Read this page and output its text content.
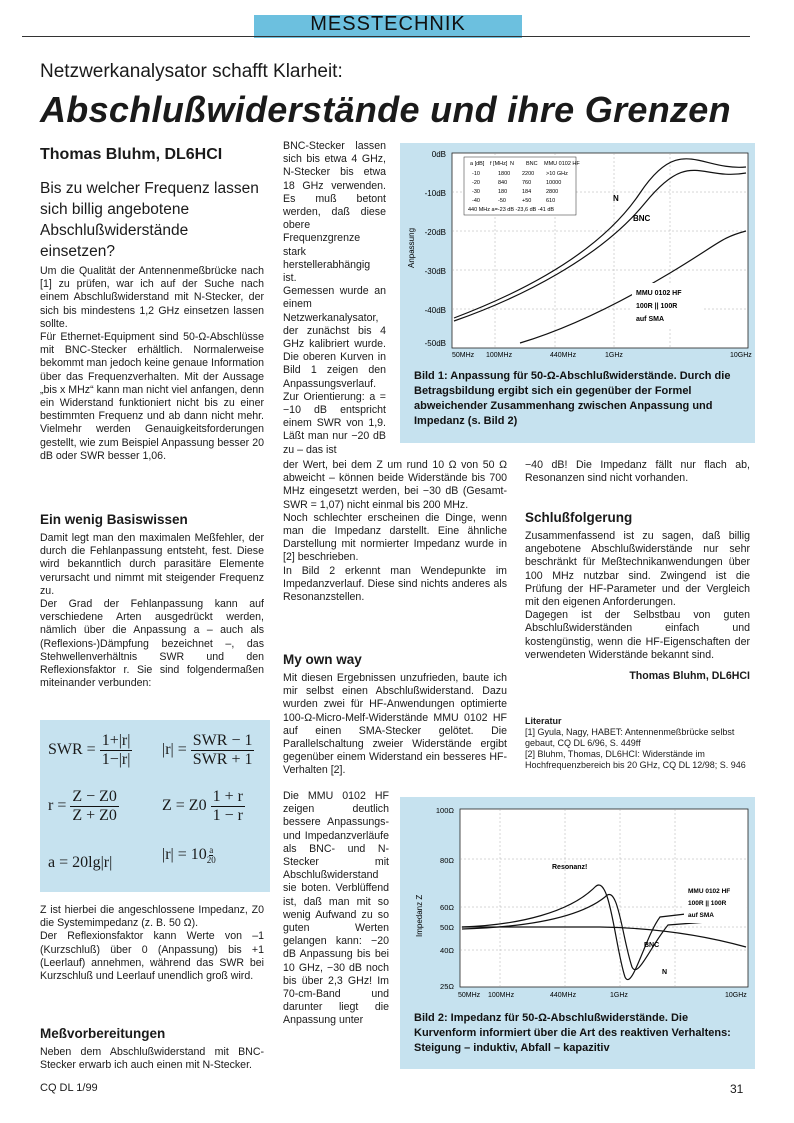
MESSTECHNIK
Netzwerkanalysator schafft Klarheit:
Abschlußwiderstände und ihre Grenzen
Thomas Bluhm, DL6HCI
Bis zu welcher Frequenz lassen sich billig angebotene Abschlußwiderstände einsetzen?

Um die Qualität der Antennenmeßbrücke nach [1] zu prüfen, war ich auf der Suche nach einem Abschlußwiderstand mit N-Stecker, der sich bis mindestens 1,2 GHz einsetzen lassen sollte.

Für Ethernet-Equipment sind 50-Ω-Abschlüsse mit BNC-Stecker erhältlich. Normalerweise bekommt man jedoch keine genaue Information über das Frequenzverhalten. Mit der Aussage „bis x MHz“ kann man nicht viel anfangen, denn ein Widerstand funktioniert nicht bis zu einer bestimmten Frequenz und ab dann nicht mehr. Vielmehr werden Genauigkeitsforderungen gestellt, wie zum Beispiel Anpassung besser 20 dB oder SWR besser 1,06.

Ein wenig Basiswissen

Damit legt man den maximalen Meßfehler, der durch die Fehlanpassung entsteht, fest. Diese wird bekanntlich durch parasitäre Elemente verursacht und nimmt mit steigender Frequenz zu.

Der Grad der Fehlanpassung kann auf verschiedene Arten ausgedrückt werden, nämlich über die Anpassung a – auch als (Reflexions-)Dämpfung bezeichnet –, das Stehwellenverhältnis SWR und den Reflexionsfaktor r. Sie sind folgendermaßen miteinander verbunden:

SWR = $\frac{1+|r|}{1-|r|} |r| = \frac{\text{SWR − 1}}{\text{SWR + 1}}$
$r = \frac{Z - Z0}{Z + Z0}$	$Z = Z0 \frac{1 + r}{1 - r}$
a = 20lg|r|	|r| = 10 $^{\frac{a}{20}}$

Z ist hierbei die angeschlossene Impedanz, Z0 die Systemimpedanz (z. B. 50 Ω).

Der Reflexionsfaktor kann Werte von –1 (Kurzschluß) über 0 (Anpassung) bis +1 (Leerlauf) annehmen, während das SWR bei Kurzschluß und Leerlauf unendlich groß wird.

Meßvorbereitungen

Neben dem Abschlußwiderstand mit BNC-Stecker erwarb ich auch einen mit N-Stecker.

BNC-Stecker lassen sich bis etwa 4 GHz, N-Stecker bis etwa 18 GHz verwenden. Es muß betont werden, daß diese obere Frequenzgrenze stark herstellerabhängig ist.

Gemessen wurde an einem Netzwerkanalysator, der zunächst bis 4 GHz kalibriert wurde. Die oberen Kurven in Bild 1 zeigen den Anpassungsverlauf.

Zur Orientierung: a = −10 dB entspricht einem SWR von 1,9. Läßt man nur −20 dB zu – das ist

der Wert, bei dem Z um rund 10 Ω von 50 Ω abweicht – können beide Widerstände bis 700 MHz eingesetzt werden, bei −30 dB (Gesamt-SWR = 1,07) nicht einmal bis 200 MHz.

Noch schlechter erscheinen die Dinge, wenn man die Impedanz darstellt. Eine ähnliche Darstellung mit normierter Impedanz wurde in [2] beschrieben.

In Bild 2 erkennt man Wendepunkte im Impedanzverlauf. Diese sind nichts anderes als Resonanzstellen.

My own way

Mit diesen Ergebnissen unzufrieden, baute ich mir selbst einen Abschlußwiderstand. Dazu wurden zwei für HF-Anwendungen optimierte 100-Ω-Micro-Melf-Widerstände MMU 0102 HF auf einen SMA-Stecker gelötet. Die Parallelschaltung zweier Widerstände ergibt gegenüber einem Widerstand ein besseres HF-Verhalten [2].

Die MMU 0102 HF zeigen deutlich bessere Anpassungs- und Impedanzverläufe als BNC- und N-Stecker mit Abschlußwiderstand sie boten. Verblüffend ist, daß man mit so wenig Aufwand zu so guten Werten gelangen kann: −20 dB Anpassung bis bei 10 GHz, −30 dB noch bis über 2,3 GHz! Im 70-cm-Band und darunter liegt die Anpassung unter

0dB
-10dB
-20dB
-30dB
-40dB
-50dB
Anpassung
50MHz 100MHz	440MHz	1GHz	10GHz
a [dB] f [MHz] N BNC MMU 0102 HF
-10	1800 2200 >10 GHz
-20	840	760	10000
-30	180	184	2800
-40	-50	+50	610
440 MHz a=-23 dB -23,6 dB -41 dB
N
BNC
MMU 0102 HF
100R || 100R
auf SMA
Bild 1: Anpassung für 50-Ω-Abschlußwiderstände. Durch die Betragsbildung ergibt sich ein gegenüber der Formel abweichender Zusammenhang zwischen Anpassung und Impedanz (s. Bild 2)

−40 dB! Die Impedanz fällt nur flach ab, Resonanzen sind nicht vorhanden.

Schlußfolgerung

Zusammenfassend ist zu sagen, daß billig angebotene Abschlußwiderstände nur sehr beschränkt für Meßtechnikanwendungen über 100 MHz nutzbar sind. Zwingend ist die Prüfung der HF-Parameter und der Vergleich mit den eigenen Anforderungen.

Dagegen ist der Selbstbau von guten Abschlußwiderständen einfach und kostengünstig, wenn die HF-Eigenschaften der verwendeten Widerstände bekannt sind.

Thomas Bluhm, DL6HCI
Literatur
[1] Gyula, Nagy, HABET: Antennenmeßbrücke selbst gebaut, CQ DL 6/96, S. 449ff
[2] Bluhm, Thomas, DL6HCI: Widerstände im Hochfrequenzbereich bis 20 GHz, CQ DL 12/98; S. 946
100Ω
80Ω
60Ω
50Ω
40Ω
25Ω
Impedanz Z
50MHz 100MHz	440MHz	1GHz	10GHz
Resonanz!
BNC
N
MMU 0102 HF
100R || 100R
auf SMA
Bild 2: Impedanz für 50-Ω-Abschlußwiderstände. Die Kurvenform informiert über die Art des reaktiven Verhaltens: Steigung – induktiv, Abfall – kapazitiv
CQ DL 1/99	31
